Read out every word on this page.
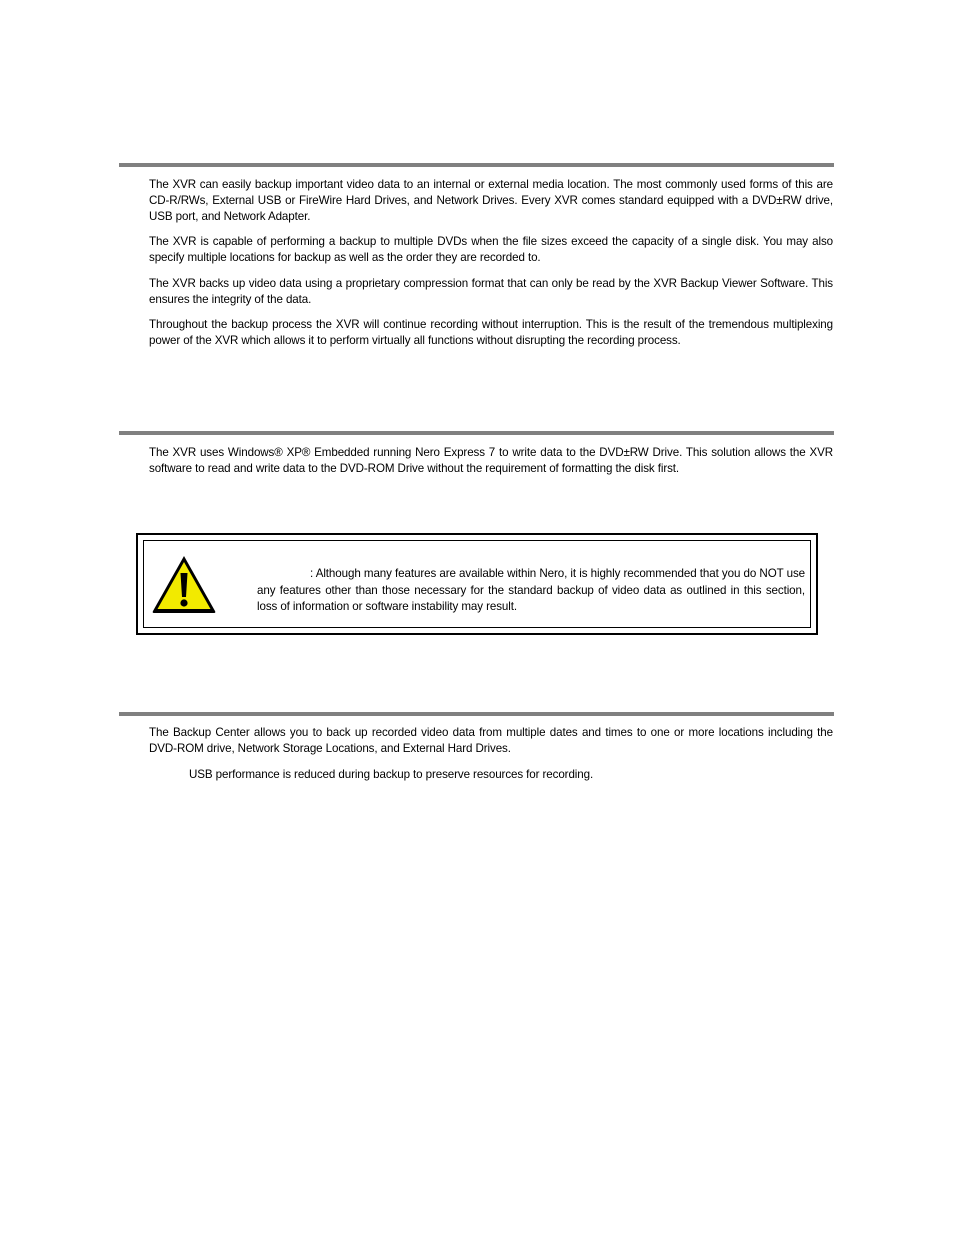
The XVR can easily backup important video data to an internal or external media location. The most commonly used forms of this are CD-R/RWs, External USB or FireWire Hard Drives, and Network Drives. Every XVR comes standard equipped with a DVD±RW drive, USB port, and Network Adapter.

The XVR is capable of performing a backup to multiple DVDs when the file sizes exceed the capacity of a single disk. You may also specify multiple locations for backup as well as the order they are recorded to.

The XVR backs up video data using a proprietary compression format that can only be read by the XVR Backup Viewer Software. This ensures the integrity of the data.

Throughout the backup process the XVR will continue recording without interruption. This is the result of the tremendous multiplexing power of the XVR which allows it to perform virtually all functions without disrupting the recording process.

The XVR uses Windows® XP® Embedded running Nero Express 7 to write data to the DVD±RW Drive. This solution allows the XVR software to read and write data to the DVD-ROM Drive without the requirement of formatting the disk first.

: Although many features are available within Nero, it is highly recommended that you do NOT use any features other than those necessary for the standard backup of video data as outlined in this section, loss of information or software instability may result.

The Backup Center allows you to back up recorded video data from multiple dates and times to one or more locations including the DVD-ROM drive, Network Storage Locations, and External Hard Drives.

USB performance is reduced during backup to preserve resources for recording.
